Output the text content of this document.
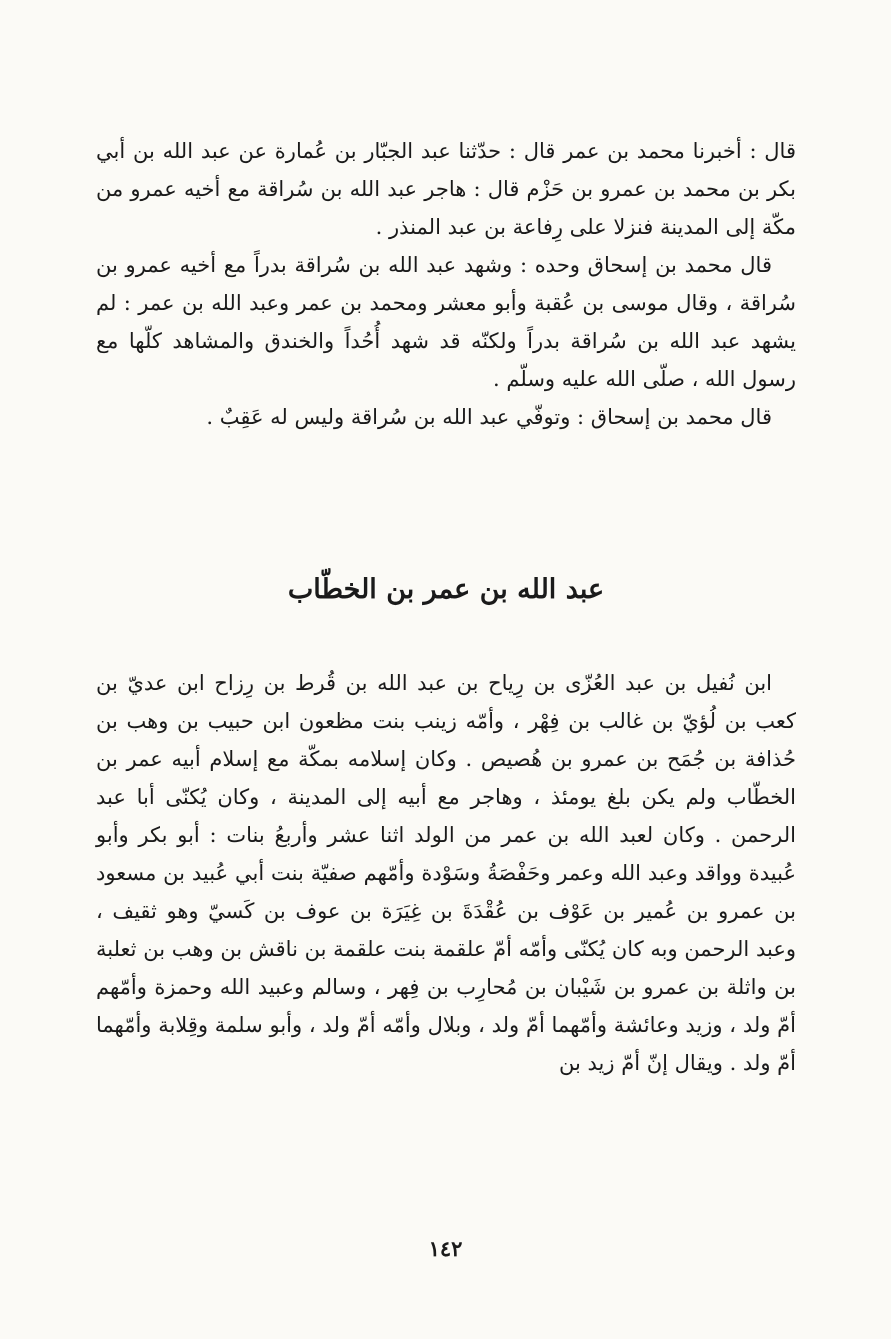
قال : أخبرنا محمد بن عمر قال : حدّثنا عبد الجبّار بن عُمارة عن عبد الله بن أبي بكر بن محمد بن عمرو بن حَزْم قال : هاجر عبد الله بن سُراقة مع أخيه عمرو من مكّة إلى المدينة فنزلا على رِفاعة بن عبد المنذر .

قال محمد بن إسحاق وحده : وشهد عبد الله بن سُراقة بدراً مع أخيه عمرو بن سُراقة ، وقال موسى بن عُقبة وأبو معشر ومحمد بن عمر وعبد الله بن عمر : لم يشهد عبد الله بن سُراقة بدراً ولكنّه قد شهد أُحُداً والخندق والمشاهد كلّها مع رسول الله ، صلّى الله عليه وسلّم .

قال محمد بن إسحاق : وتوفّي عبد الله بن سُراقة وليس له عَقِبٌ .

عبد الله بن عمر بن الخطّاب

ابن نُفيل بن عبد العُزّى بن رِياح بن عبد الله بن قُرط بن رِزاح ابن عديّ بن كعب بن لُؤيّ بن غالب بن فِهْر ، وأمّه زينب بنت مظعون ابن حبيب بن وهب بن حُذافة بن جُمَح بن عمرو بن هُصيص . وكان إسلامه بمكّة مع إسلام أبيه عمر بن الخطّاب ولم يكن بلغ يومئذ ، وهاجر مع أبيه إلى المدينة ، وكان يُكنّى أبا عبد الرحمن . وكان لعبد الله بن عمر من الولد اثنا عشر وأربعُ بنات : أبو بكر وأبو عُبيدة وواقد وعبد الله وعمر وحَفْصَةُ وسَوْدة وأمّهم صفيّة بنت أبي عُبيد بن مسعود بن عمرو بن عُمير بن عَوْف بن عُقْدَةَ بن غِيَرَة بن عوف بن كَسيّ وهو ثقيف ، وعبد الرحمن وبه كان يُكنّى وأمّه أمّ علقمة بنت علقمة بن ناقش بن وهب بن ثعلبة بن واثلة بن عمرو بن شَيْبان بن مُحارِب بن فِهر ، وسالم وعبيد الله وحمزة وأمّهم أمّ ولد ، وزيد وعائشة وأمّهما أمّ ولد ، وبلال وأمّه أمّ ولد ، وأبو سلمة وقِلابة وأمّهما أمّ ولد . ويقال إنّ أمّ زيد بن

١٤٢
